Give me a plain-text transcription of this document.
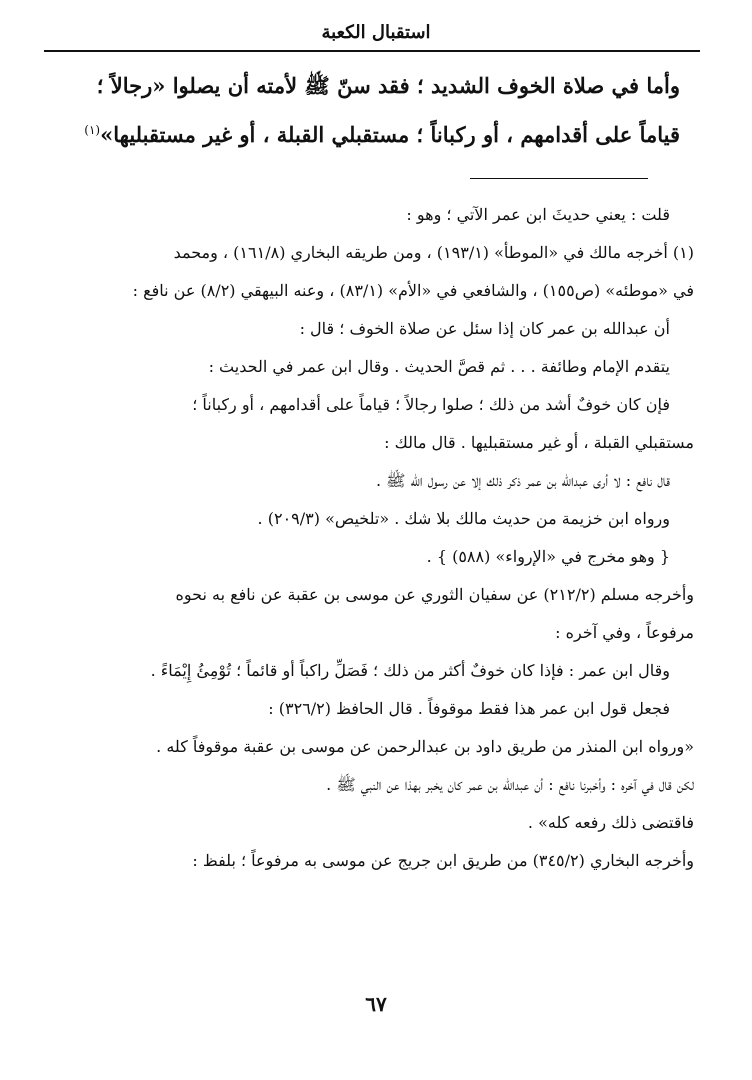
استقبال الكعبة
وأما في صلاة الخوف الشديد ؛ فقد سنّ ﷺ لأمته أن يصلوا «رجالاً ؛
قياماً على أقدامهم ، أو ركباناً ؛ مستقبلي القبلة ، أو غير مستقبليها»$^{(١)}$
قلت : يعني حديثَ ابن عمر الآتي ؛ وهو :
(١) أخرجه مالك في «الموطأ» (١٩٣/١) ، ومن طريقه البخاري (١٦١/٨) ، ومحمد
في «موطئه» (ص١٥٥) ، والشافعي في «الأم» (٨٣/١) ، وعنه البيهقي (٨/٢) عن نافع :
أن عبدالله بن عمر كان إذا سئل عن صلاة الخوف ؛ قال :
يتقدم الإمام وطائفة . . . ثم قصَّ الحديث . وقال ابن عمر في الحديث :
فإن كان خوفٌ أشد من ذلك ؛ صلوا رجالاً ؛ قياماً على أقدامهم ، أو ركباناً ؛
مستقبلي القبلة ، أو غير مستقبليها . قال مالك :
قال نافع : لا أرى عبدالله بن عمر ذكر ذلك إلا عن رسول الله ﷺ .
ورواه ابن خزيمة من حديث مالك بلا شك . «تلخيص» (٢٠٩/٣) .
{ وهو مخرج في «الإرواء» (٥٨٨) } .
وأخرجه مسلم (٢١٢/٢) عن سفيان الثوري عن موسى بن عقبة عن نافع به نحوه
مرفوعاً ، وفي آخره :
وقال ابن عمر : فإذا كان خوفٌ أكثر من ذلك ؛ فَصَلِّ راكباً أو قائماً ؛ تُوْمِئُ إِيْمَاءً .
فجعل قول ابن عمر هذا فقط موقوفاً . قال الحافظ (٣٢٦/٢) :
«ورواه ابن المنذر من طريق داود بن عبدالرحمن عن موسى بن عقبة موقوفاً كله .
لكن قال في آخره : وأخبرنا نافع : أن عبدالله بن عمر كان يخبر بهذا عن النبي ﷺ .
فاقتضى ذلك رفعه كله» .
وأخرجه البخاري (٣٤٥/٢) من طريق ابن جريج عن موسى به مرفوعاً ؛ بلفظ :
٦٧
